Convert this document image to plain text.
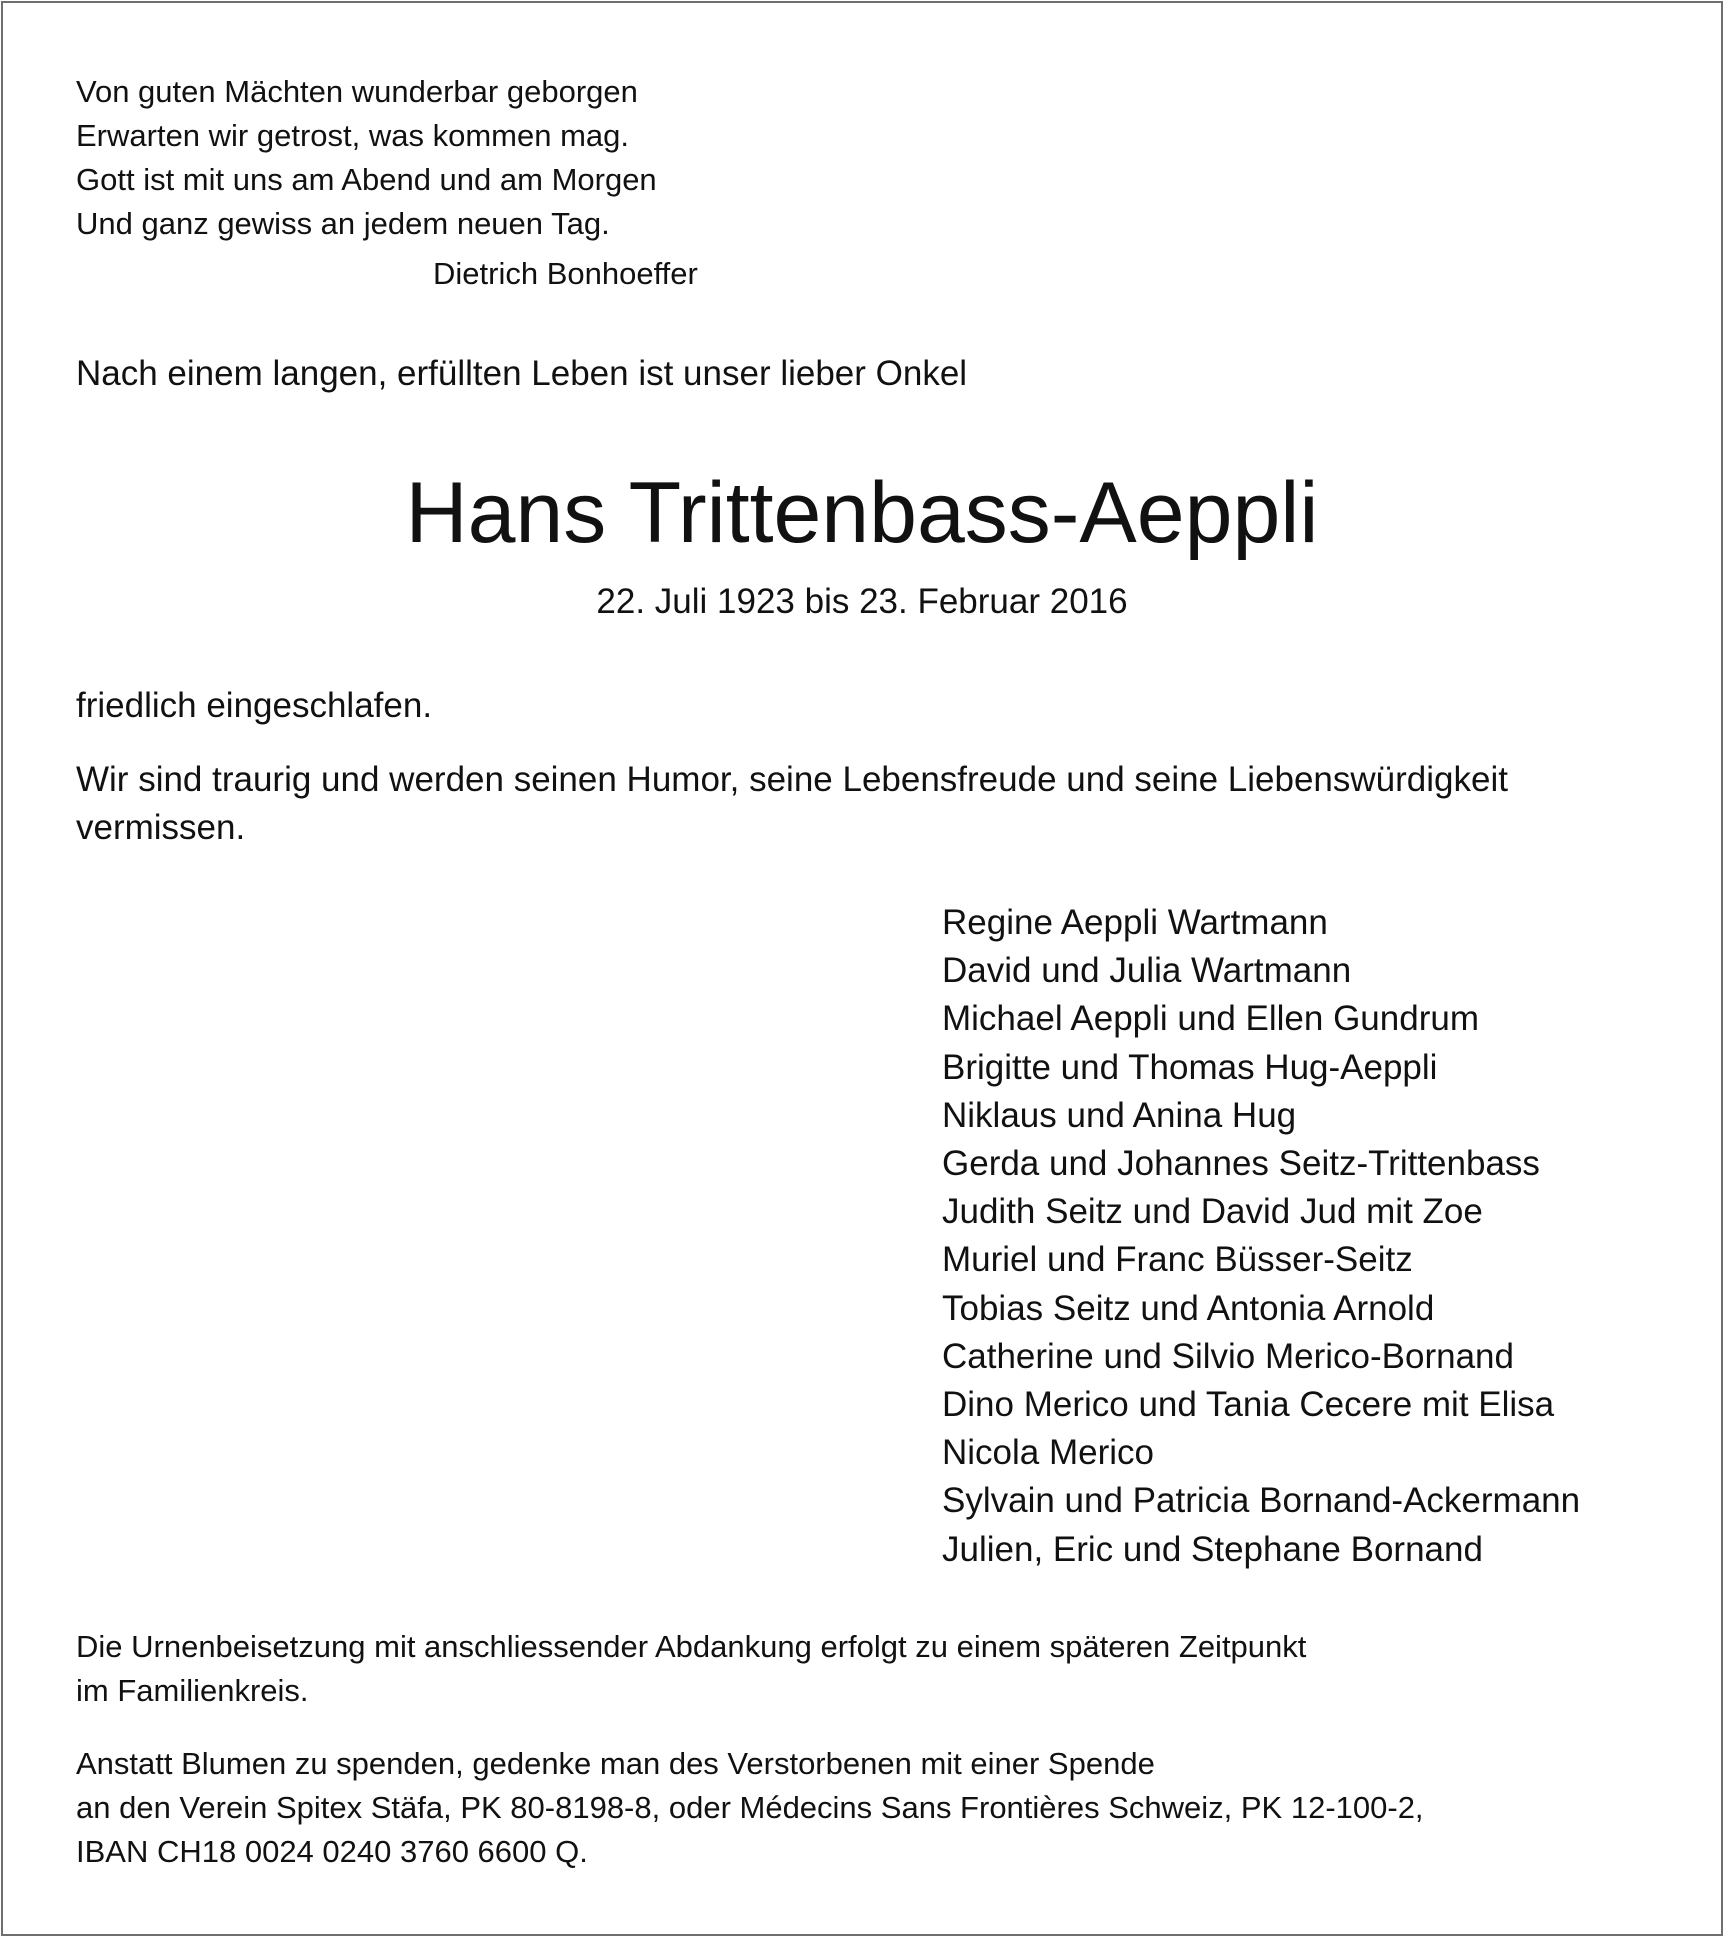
Von guten Mächten wunderbar geborgen
Erwarten wir getrost, was kommen mag.
Gott ist mit uns am Abend und am Morgen
Und ganz gewiss an jedem neuen Tag.
Dietrich Bonhoeffer

Nach einem langen, erfüllten Leben ist unser lieber Onkel

Hans Trittenbass-Aeppli

22. Juli 1923 bis 23. Februar 2016

friedlich eingeschlafen.

Wir sind traurig und werden seinen Humor, seine Lebensfreude und seine Liebenswürdigkeit
vermissen.

Regine Aeppli Wartmann
David und Julia Wartmann
Michael Aeppli und Ellen Gundrum
Brigitte und Thomas Hug-Aeppli
Niklaus und Anina Hug
Gerda und Johannes Seitz-Trittenbass
Judith Seitz und David Jud mit Zoe
Muriel und Franc Büsser-Seitz
Tobias Seitz und Antonia Arnold
Catherine und Silvio Merico-Bornand
Dino Merico und Tania Cecere mit Elisa
Nicola Merico
Sylvain und Patricia Bornand-Ackermann
Julien, Eric und Stephane Bornand

Die Urnenbeisetzung mit anschliessender Abdankung erfolgt zu einem späteren Zeitpunkt
im Familienkreis.

Anstatt Blumen zu spenden, gedenke man des Verstorbenen mit einer Spende
an den Verein Spitex Stäfa, PK 80-8198-8, oder Médecins Sans Frontières Schweiz, PK 12-100-2,
IBAN CH18 0024 0240 3760 6600 Q.
